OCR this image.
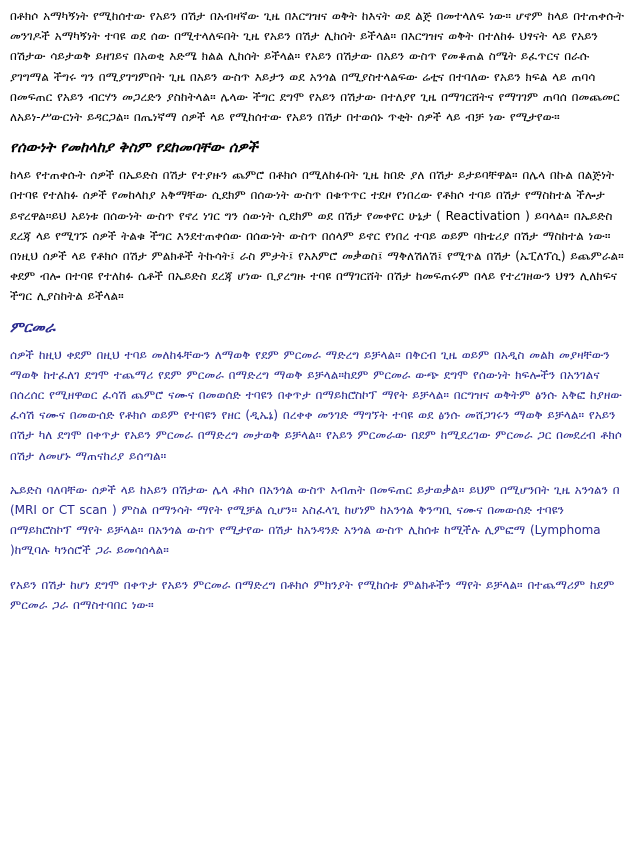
በቶክሶ አማካኝነት የሚከሰተው የአይን በሽታ በአብዛኛው ጊዜ በእርግዝና ወቅት ከእናት ወደ ልጅ በመተላለፍ ነው። ሆኖም ከላይ በተጠቀሱት መንገዶች አማካኝነት ተባዩ ወደ ሰው በሚተላለፍበት ጊዜ የአይን በሽታ ሊከሰት ይችላል። በእርግዝና ወቅት በተለከፉ ህፃናት ላይ የአይን በሽታው ሳይታወቅ ይዘገይና በአወቂ እድሜ ክልል ሊከሰት ይችላል። የአይን በሽታው በአይን ውስጥ የመቆጠል ስሜት ይፈጥርና በራሱ ያገግማል ችግሩ ግን በሚያገግምበት ጊዜ በአይን ውስጥ እይታን ወደ አንጎል በሚያስተላልፍው ሬቲና በተባለው የአይን ክፍል ላይ ጠባሳ በመፍጠር የአይን ብርሃን መጋረድን ያስከትላል። ሌላው ችግር ደግሞ የአይን በሽታው በተለያየ ጊዜ በማገርሸትና የማገገም ጠባሰ በመጨመር ለአይነ-ሥውርነት ይዳርጋል። በጤነኛማ ሰዎች ላይ የሚከሰተው የአይን በሽታ በተወሰኑ ጥቂት ሰዎች ላይ ብቻ ነው የሚታየው።

የሰውነት የመከላከያ ቅስም የደከመባቸው ሰዎች

ከላይ የተጠቀሱት ሰዎች በኤይድስ በሽታ የተያዙን ጨምሮ በቶክሶ በሚለከፉበት ጊዜ ከበድ ያለ በሽታ ይታይባቸዋል። በሌላ በኩል በልጅነት በተባዩ የተለከፉ ሰዎች የመከላከያ አቅማቸው ሲደክም በሰውነት ውስጥ በቁጥጥር ተደዞ የነበረው የቶክሶ ተባይ በሽታ የማስከተል ችሎታ ይኖረዋል።ይህ አይነቱ በሰውነት ውስጥ የኖረ ነገር ግን ሰውነት ሲደክም ወደ በሽታ የመቀየር ሁኔታ ( Reactivation ) ይባላል። በኤይድስ ደረጃ ላይ የሚገኙ ሰዎች ትልቁ ችግር እንደተጠቀሰው በሰውነት ውስጥ በሰላም ይኖር የነበረ ተባይ ወይም ባክቴሪያ በሽታ ማስከተል ነው። በነዚህ ሰዎች ላይ የቶክሶ በሽታ ምልክቶች ትኩሳት፤ ራስ ምታት፤ የአእምሮ መቃወስ፤ ማቅለሽለሽ፤ የሚጥል በሽታ (ኤፒለፕሲ) ይጨምራል። ቀደም ብሎ በተባዩ የተለከፉ ሴቶች በኤይድስ ደረጃ ሆነው ቢያረግዙ ተባዩ በማገርሸት በሽታ ከመፍጠሩም በላይ የተረገዘውን ህፃን ሊለክፍና ችግር ሊያስከትል ይችላል።

ምርመራ

ሰዎች ከዚህ ቀደም በዚህ ተባይ መለከፋቸውን ለማወቅ የደም ምርመራ ማድረግ ይቻላል። በቅርብ ጊዜ ወይም በአዲስ መልክ መያዛቸውን ማወቅ ከተፈለገ ደግሞ ተጨማሪ የደም ምርመራ በማድረግ ማወቅ ይቻላል።ከደም ምርመራ ውጭ ደግሞ የሰውነት ክፍሎችን በአንገልና በሰረሰር የሚዘዋወር ፈሳሽ ጨምሮ ናሙና በመወሰድ ተባዩን በቀጥታ በማይክሮስኮፕ ማየት ይቻላል። በርግዝና ወቅትም ፅንሱ አቅፎ ከያዘው ፈሳሽ ናሙና በመውሰድ የቶክሶ ወይም የተባዩን የዘር (ዲኤኔ) በረቀቀ መንገድ ማግኘት ተባዩ ወደ ፅንሱ መሸጋገሩን ማወቅ ይቻላል። የአይን በሽታ ካለ ደግሞ በቀጥታ የአይን ምርመራ በማድረግ መታወቅ ይቻላል። የአይን ምርመራው በደም ከሚደረገው ምርመራ ጋር በመደረብ ቶክሶ በሽታ ለመሆኑ ማጠናከሪያ ይሰጣል።

ኤይድስ ባለባቸው ሰዎች ላይ ከአይን በሽታው ሌላ ቶክሶ በአንጎል ውስጥ እብጠት በመፍጠር ይታወቃል። ይህም በሚሆንበት ጊዜ አንጎልን በ (MRI or CT scan ) ምስል በማንሳት ማየት የሚቻል ሲሆን። አስፈላጊ ከሆነም ከአንጎል ቅንጣቢ ናሙና በመውሰድ ተባዩን በማይክሮስኮፕ ማየት ይቻላል። በአንጎል ውስጥ የሚታየው በሽታ ከአንዳንድ አንጎል ውስጥ ሊከሰቱ ከሚችሉ ሊምፎማ (Lymphoma )ከሚባሉ ካንሰሮች ጋራ ይመሳሰላል።

የአይን በሽታ ከሆነ ደግሞ በቀጥታ የአይን ምርመራ በማድረግ በቶክሶ ምክንያት የሚከሰቱ ምልክቶችን ማየት ይቻላል። በተጨማሪም ከደም ምርመራ ጋራ በማስተባበር ነው።
